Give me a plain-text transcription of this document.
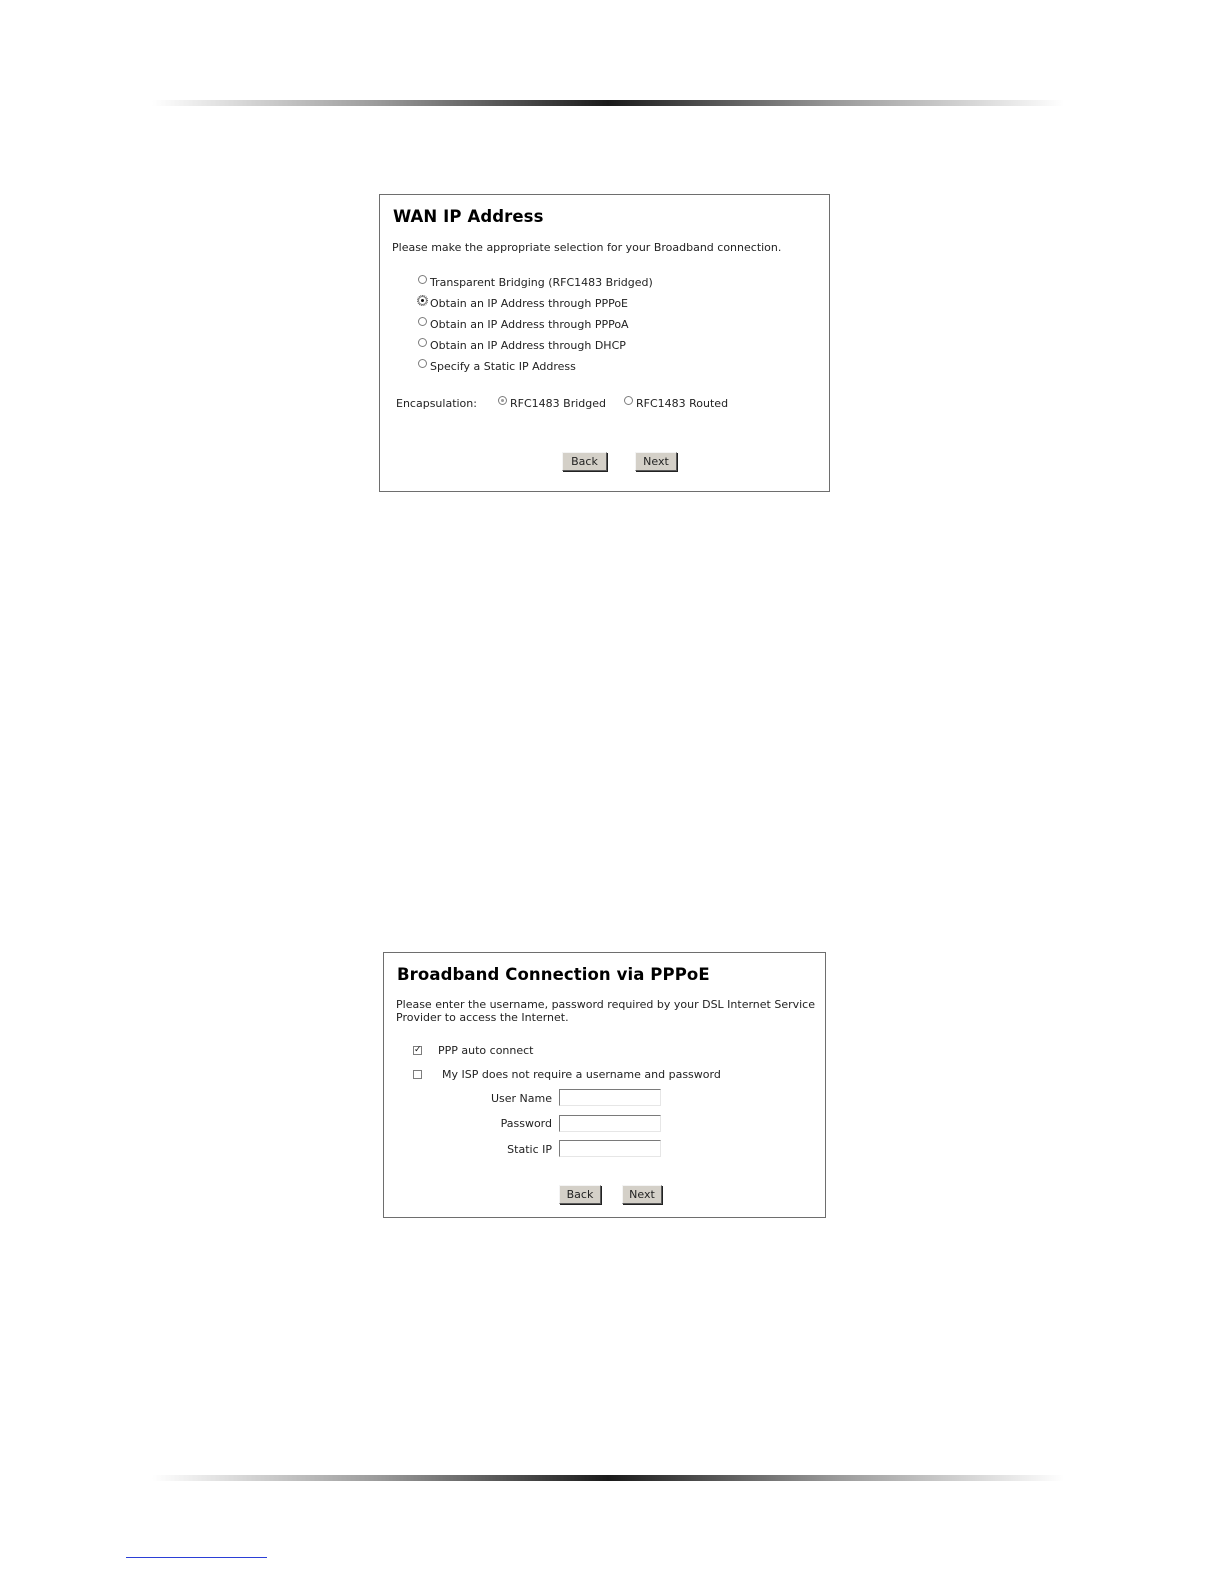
WAN IP Address
Please make the appropriate selection for your Broadband connection.
Transparent Bridging (RFC1483 Bridged)
Obtain an IP Address through PPPoE
Obtain an IP Address through PPPoA
Obtain an IP Address through DHCP
Specify a Static IP Address
Encapsulation:	RFC1483 Bridged	RFC1483 Routed
Back	Next
Broadband Connection via PPPoE
Please enter the username, password required by your DSL Internet Service Provider to access the Internet.
✓ PPP auto connect
My ISP does not require a username and password
User Name
Password
Static IP
Back	Next
